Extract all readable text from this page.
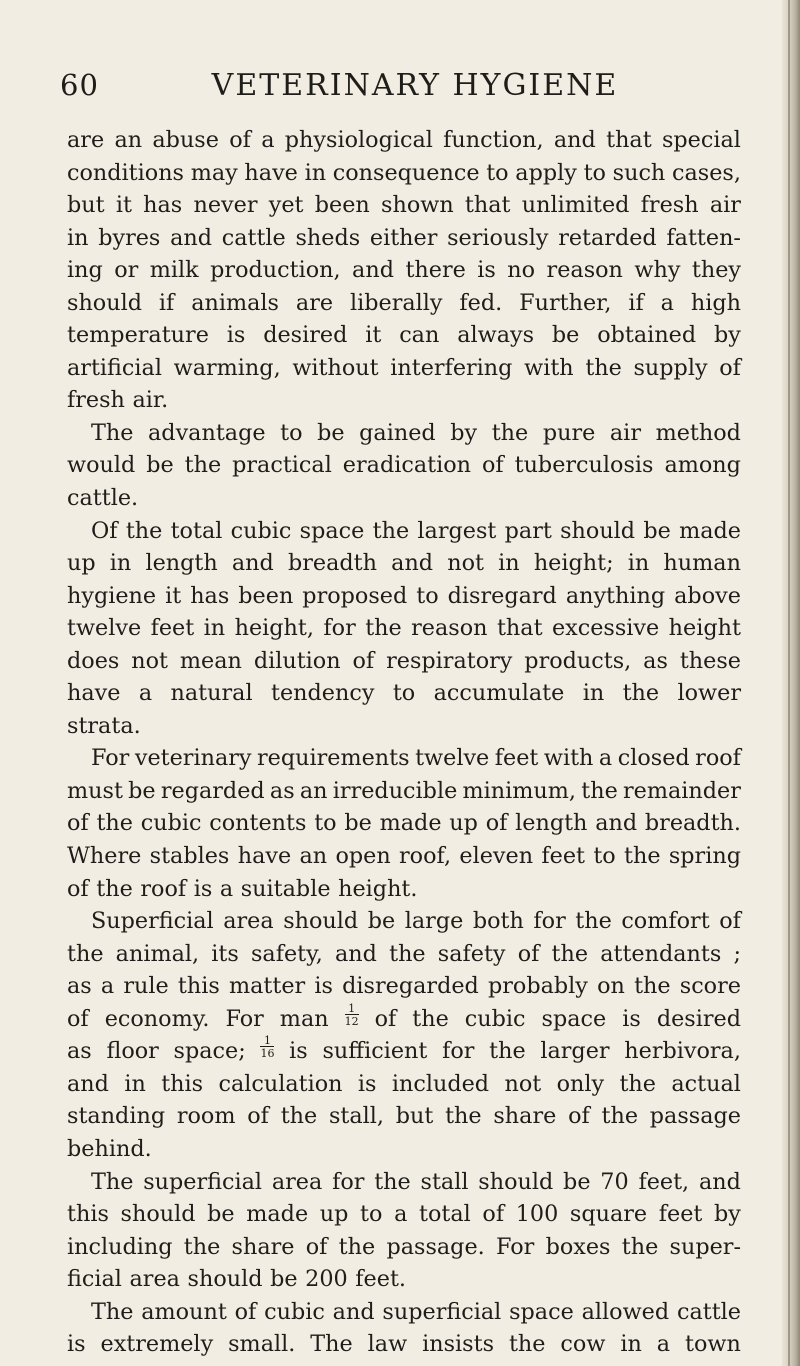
60	VETERINARY HYGIENE
are an abuse of a physiological function, and that special
conditions may have in consequence to apply to such cases,
but it has never yet been shown that unlimited fresh air
in byres and cattle sheds either seriously retarded fatten-
ing or milk production, and there is no reason why they
should if animals are liberally fed. Further, if a high
temperature is desired it can always be obtained by
artificial warming, without interfering with the supply of
fresh air.
The advantage to be gained by the pure air method
would be the practical eradication of tuberculosis among
cattle.
Of the total cubic space the largest part should be made
up in length and breadth and not in height; in human
hygiene it has been proposed to disregard anything above
twelve feet in height, for the reason that excessive height
does not mean dilution of respiratory products, as these
have a natural tendency to accumulate in the lower
strata.
For veterinary requirements twelve feet with a closed roof
must be regarded as an irreducible minimum, the remainder
of the cubic contents to be made up of length and breadth.
Where stables have an open roof, eleven feet to the spring
of the roof is a suitable height.
Superficial area should be large both for the comfort of
the animal, its safety, and the safety of the attendants ;
as a rule this matter is disregarded probably on the score
of economy. For man $\frac{1}{12}$ of the cubic space is desired
as floor space; $\frac{1}{16}$ is sufficient for the larger herbivora,
and in this calculation is included not only the actual
standing room of the stall, but the share of the passage
behind.
The superficial area for the stall should be 70 feet, and
this should be made up to a total of 100 square feet by
including the share of the passage. For boxes the super-
ficial area should be 200 feet.
The amount of cubic and superficial space allowed cattle
is extremely small. The law insists the cow in a town
